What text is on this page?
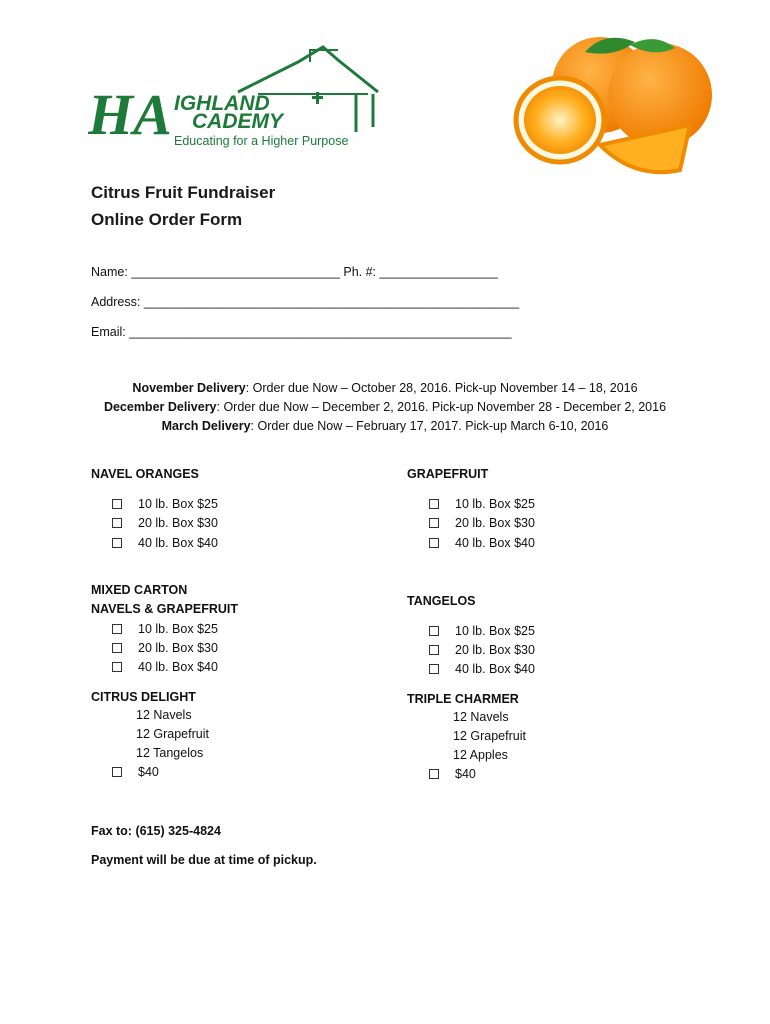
HA IGHLAND
CADEMY
Educating for a Higher Purpose
Citrus Fruit Fundraiser
Online Order Form
Name: ______________________________ Ph. #: _________________
Address: ______________________________________________________
Email: _______________________________________________________
November Delivery: Order due Now – October 28, 2016. Pick-up November 14 – 18, 2016
December Delivery: Order due Now – December 2, 2016. Pick-up November 28 - December 2, 2016
March Delivery: Order due Now – February 17, 2017. Pick-up March 6-10, 2016
NAVEL ORANGES
10 lb. Box $25
20 lb. Box $30
40 lb. Box $40
GRAPEFRUIT
10 lb. Box $25
20 lb. Box $30
40 lb. Box $40
MIXED CARTON
NAVELS & GRAPEFRUIT
10 lb. Box $25
20 lb. Box $30
40 lb. Box $40
TANGELOS
10 lb. Box $25
20 lb. Box $30
40 lb. Box $40
CITRUS DELIGHT
12 Navels
12 Grapefruit
12 Tangelos
$40
TRIPLE CHARMER
12 Navels
12 Grapefruit
12 Apples
$40
Fax to: (615) 325-4824
Payment will be due at time of pickup.
